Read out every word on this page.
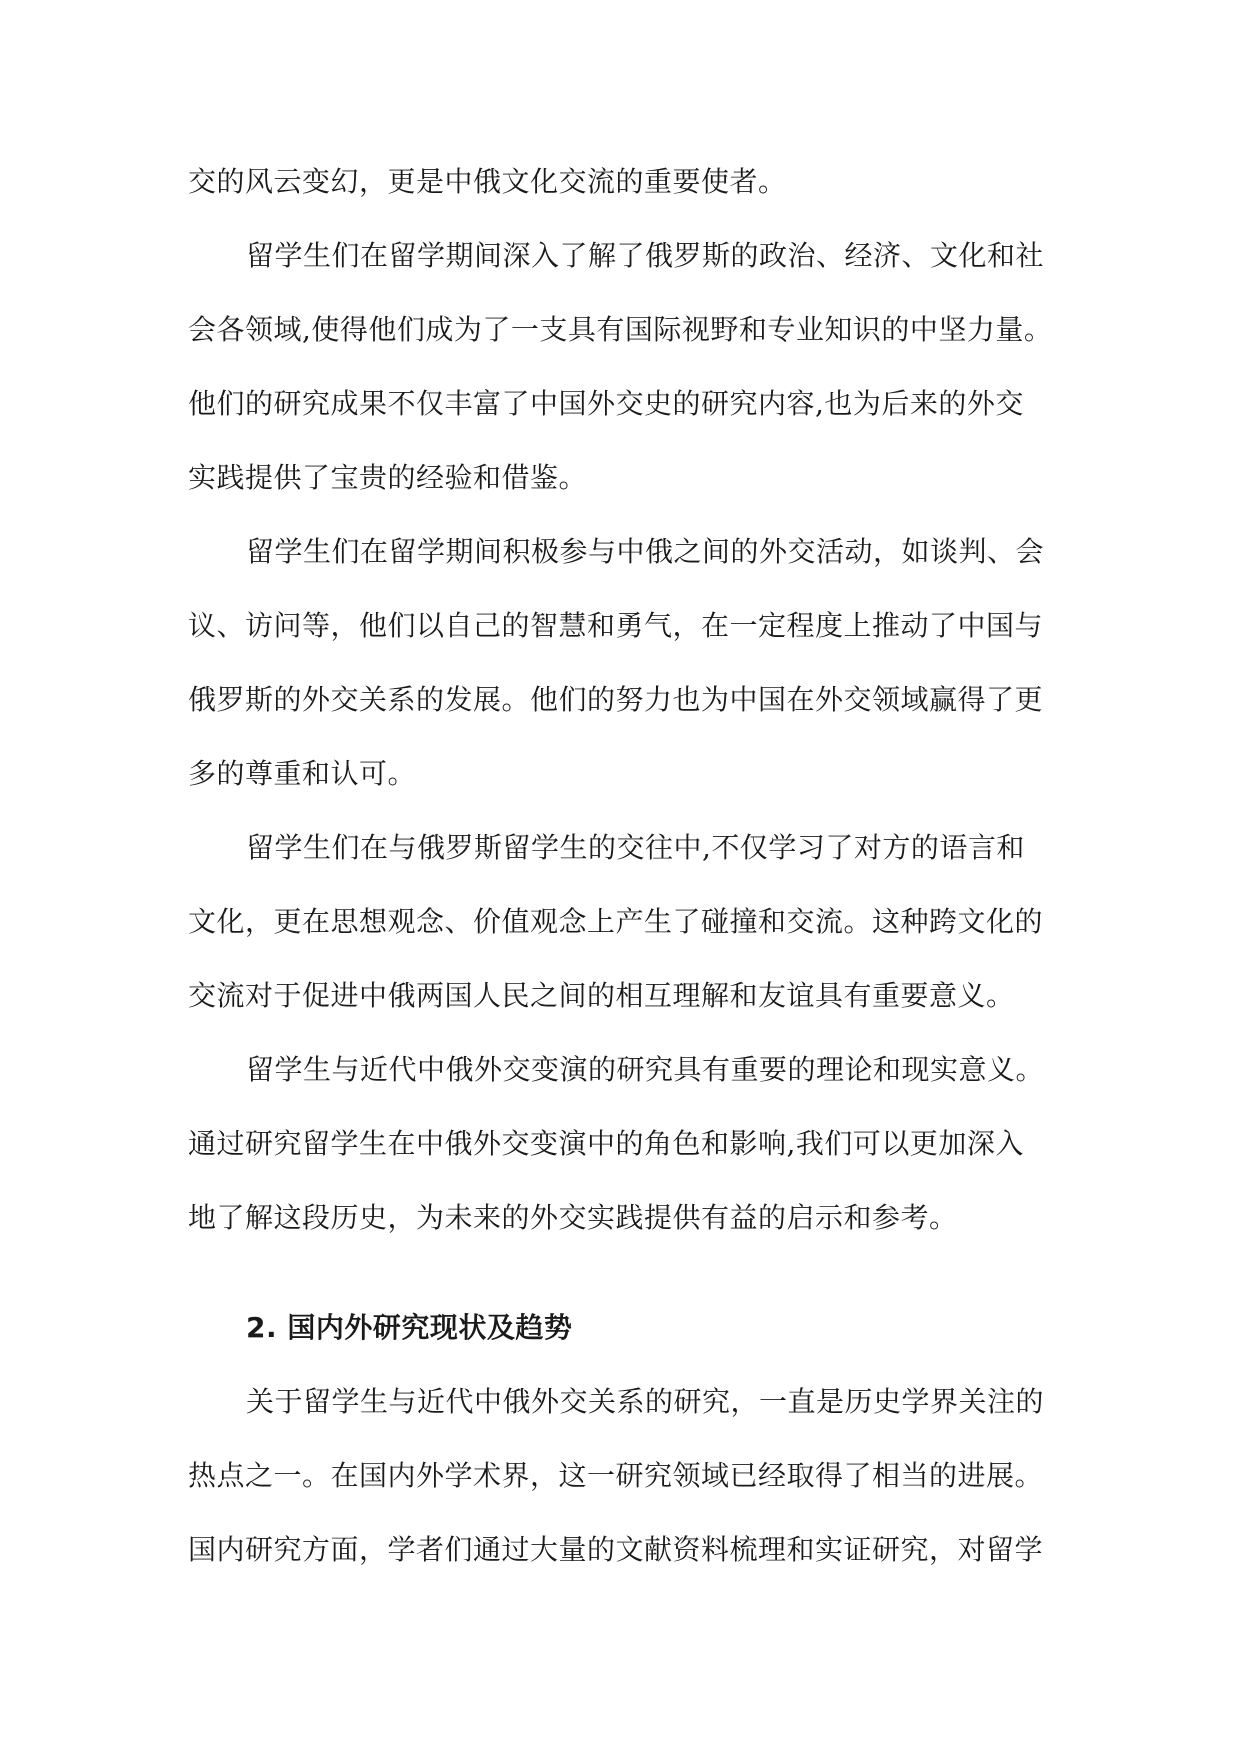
交的风云变幻，更是中俄文化交流的重要使者。
留学生们在留学期间深入了解了俄罗斯的政治、经济、文化和社
会各领域,使得他们成为了一支具有国际视野和专业知识的中坚力量。
他们的研究成果不仅丰富了中国外交史的研究内容,也为后来的外交
实践提供了宝贵的经验和借鉴。
留学生们在留学期间积极参与中俄之间的外交活动，如谈判、会
议、访问等，他们以自己的智慧和勇气，在一定程度上推动了中国与
俄罗斯的外交关系的发展。他们的努力也为中国在外交领域赢得了更
多的尊重和认可。
留学生们在与俄罗斯留学生的交往中,不仅学习了对方的语言和
文化，更在思想观念、价值观念上产生了碰撞和交流。这种跨文化的
交流对于促进中俄两国人民之间的相互理解和友谊具有重要意义。
留学生与近代中俄外交变演的研究具有重要的理论和现实意义。
通过研究留学生在中俄外交变演中的角色和影响,我们可以更加深入
地了解这段历史，为未来的外交实践提供有益的启示和参考。
2. 国内外研究现状及趋势
关于留学生与近代中俄外交关系的研究，一直是历史学界关注的
热点之一。在国内外学术界，这一研究领域已经取得了相当的进展。
国内研究方面，学者们通过大量的文献资料梳理和实证研究，对留学
